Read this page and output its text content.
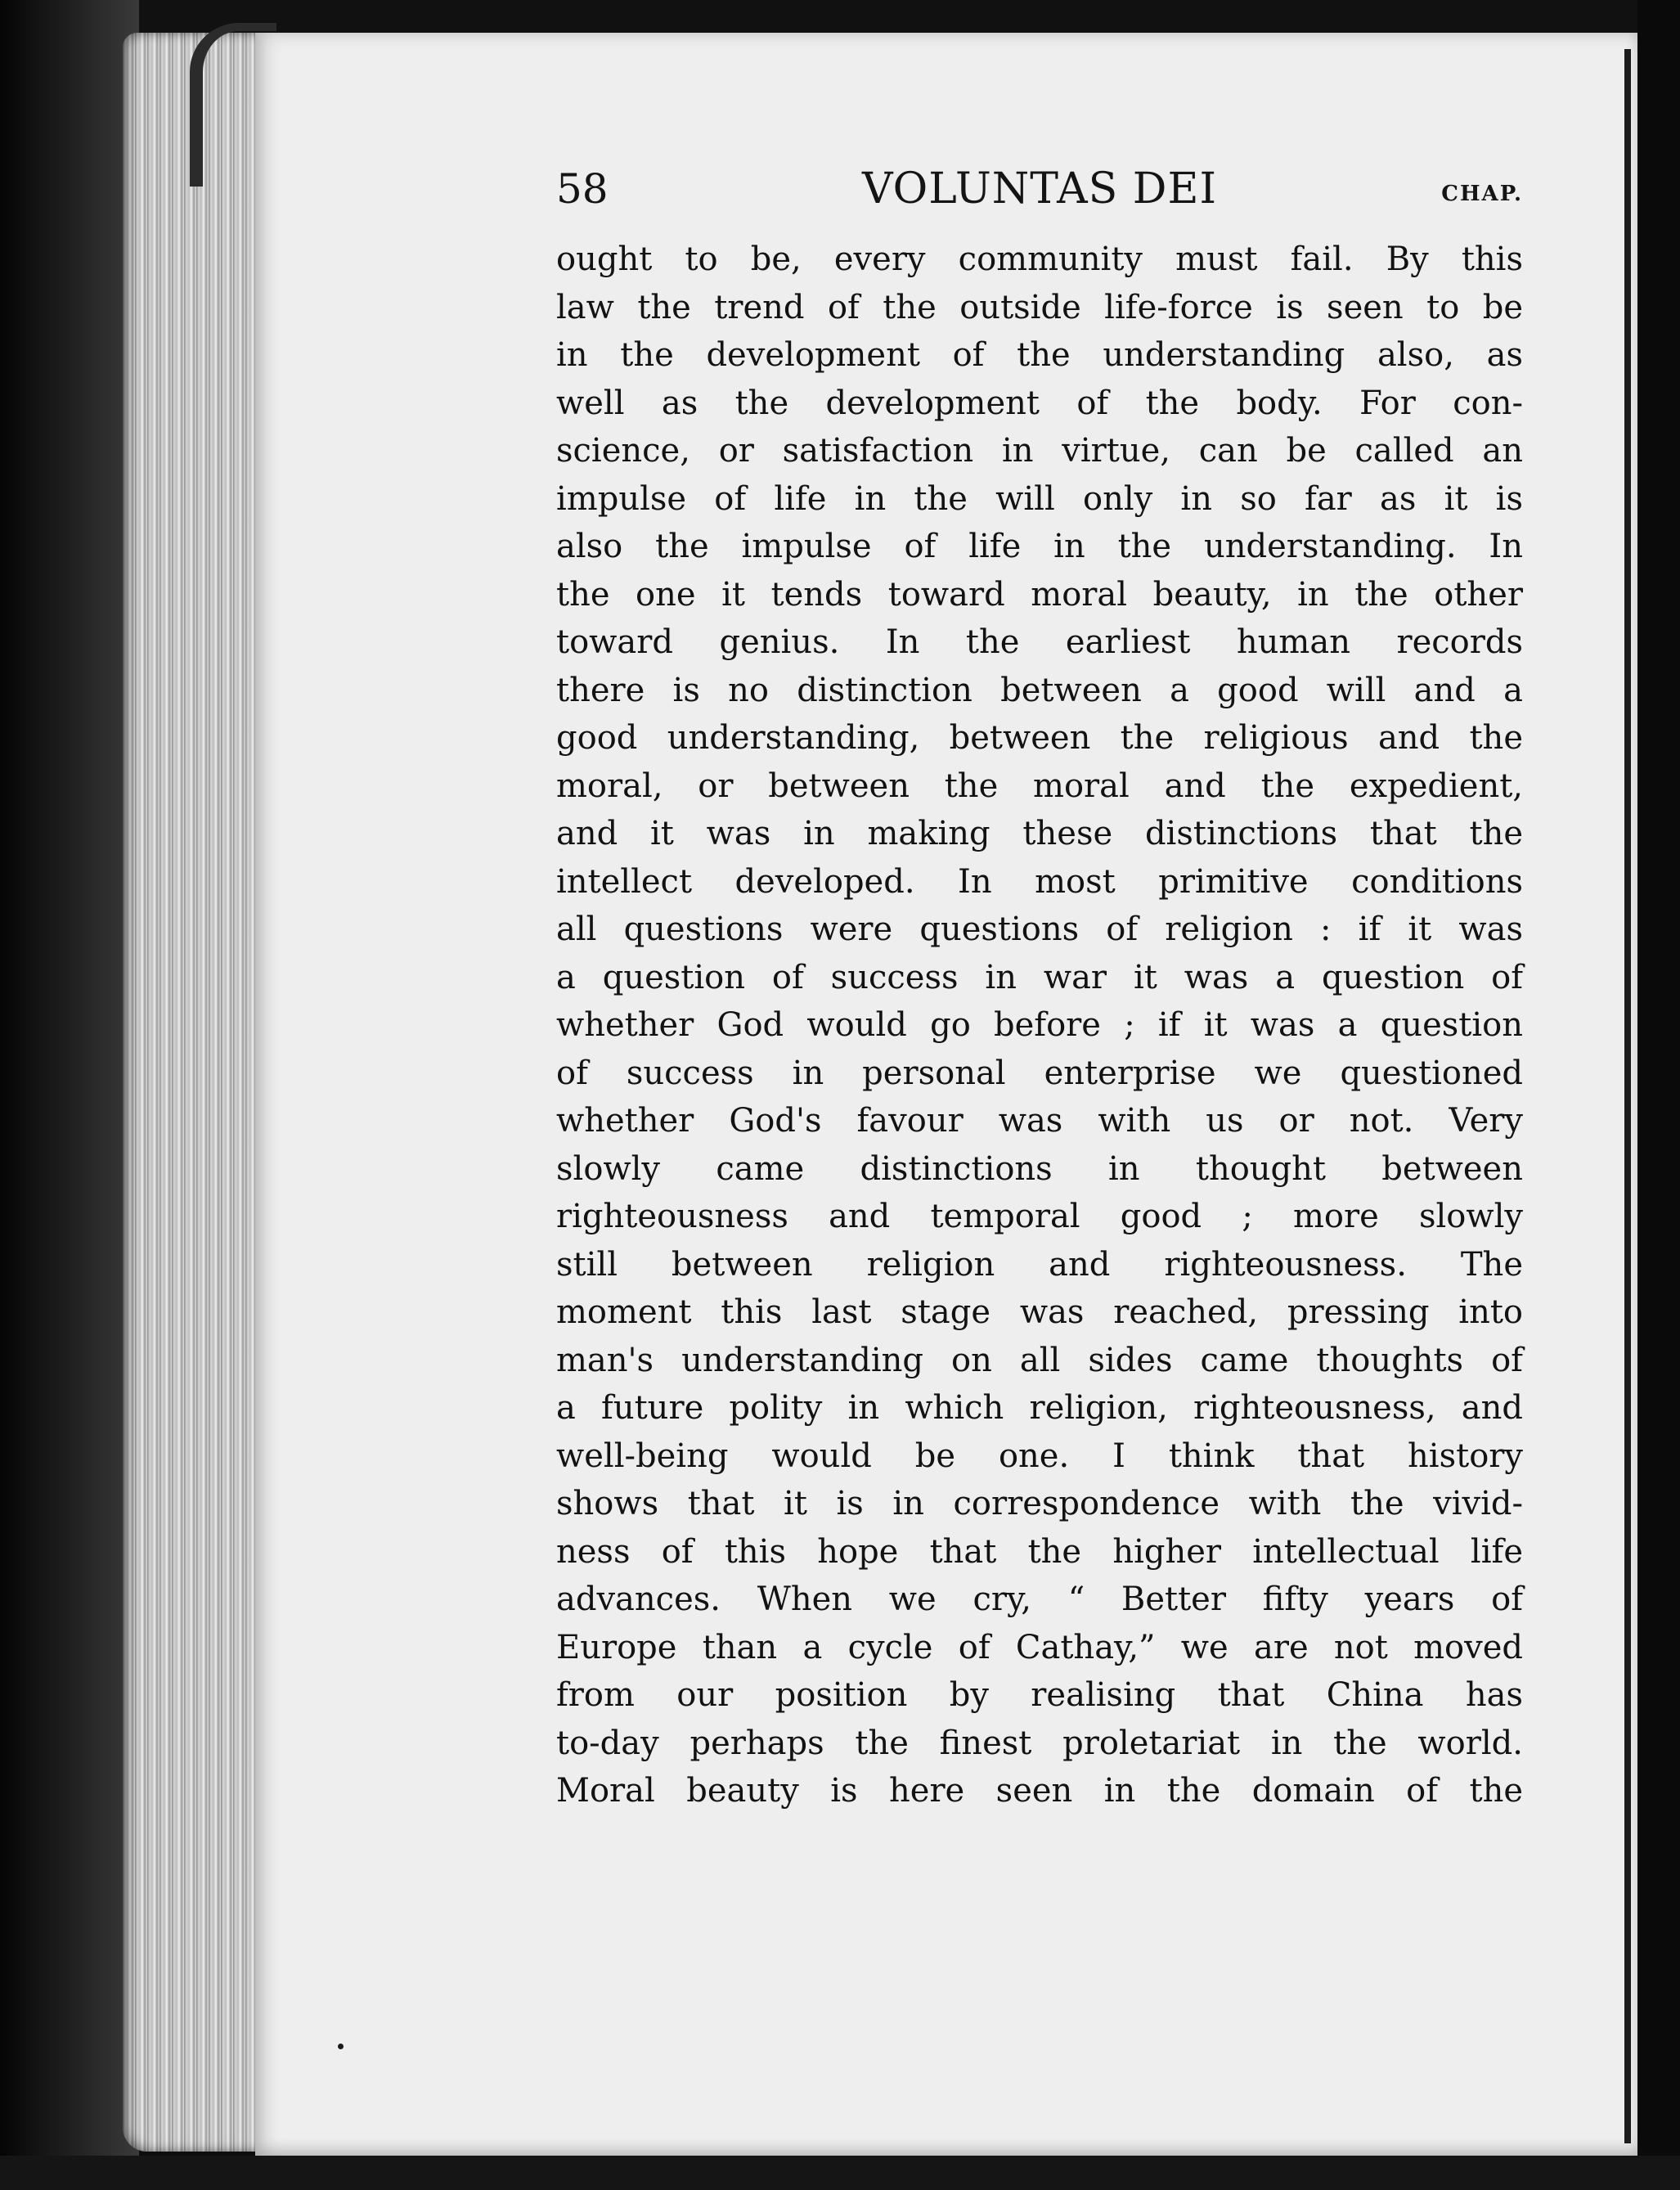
58	VOLUNTAS DEI	CHAP.
ought to be, every community must fail. By this
law the trend of the outside life-force is seen to be
in the development of the understanding also, as
well as the development of the body. For con-
science, or satisfaction in virtue, can be called an
impulse of life in the will only in so far as it is
also the impulse of life in the understanding. In
the one it tends toward moral beauty, in the other
toward genius. In the earliest human records
there is no distinction between a good will and a
good understanding, between the religious and the
moral, or between the moral and the expedient,
and it was in making these distinctions that the
intellect developed. In most primitive conditions
all questions were questions of religion : if it was
a question of success in war it was a question of
whether God would go before ; if it was a question
of success in personal enterprise we questioned
whether God's favour was with us or not. Very
slowly came distinctions in thought between
righteousness and temporal good ; more slowly
still between religion and righteousness. The
moment this last stage was reached, pressing into
man's understanding on all sides came thoughts of
a future polity in which religion, righteousness, and
well-being would be one. I think that history
shows that it is in correspondence with the vivid-
ness of this hope that the higher intellectual life
advances. When we cry, “ Better fifty years of
Europe than a cycle of Cathay,” we are not moved
from our position by realising that China has
to-day perhaps the finest proletariat in the world.
Moral beauty is here seen in the domain of the
